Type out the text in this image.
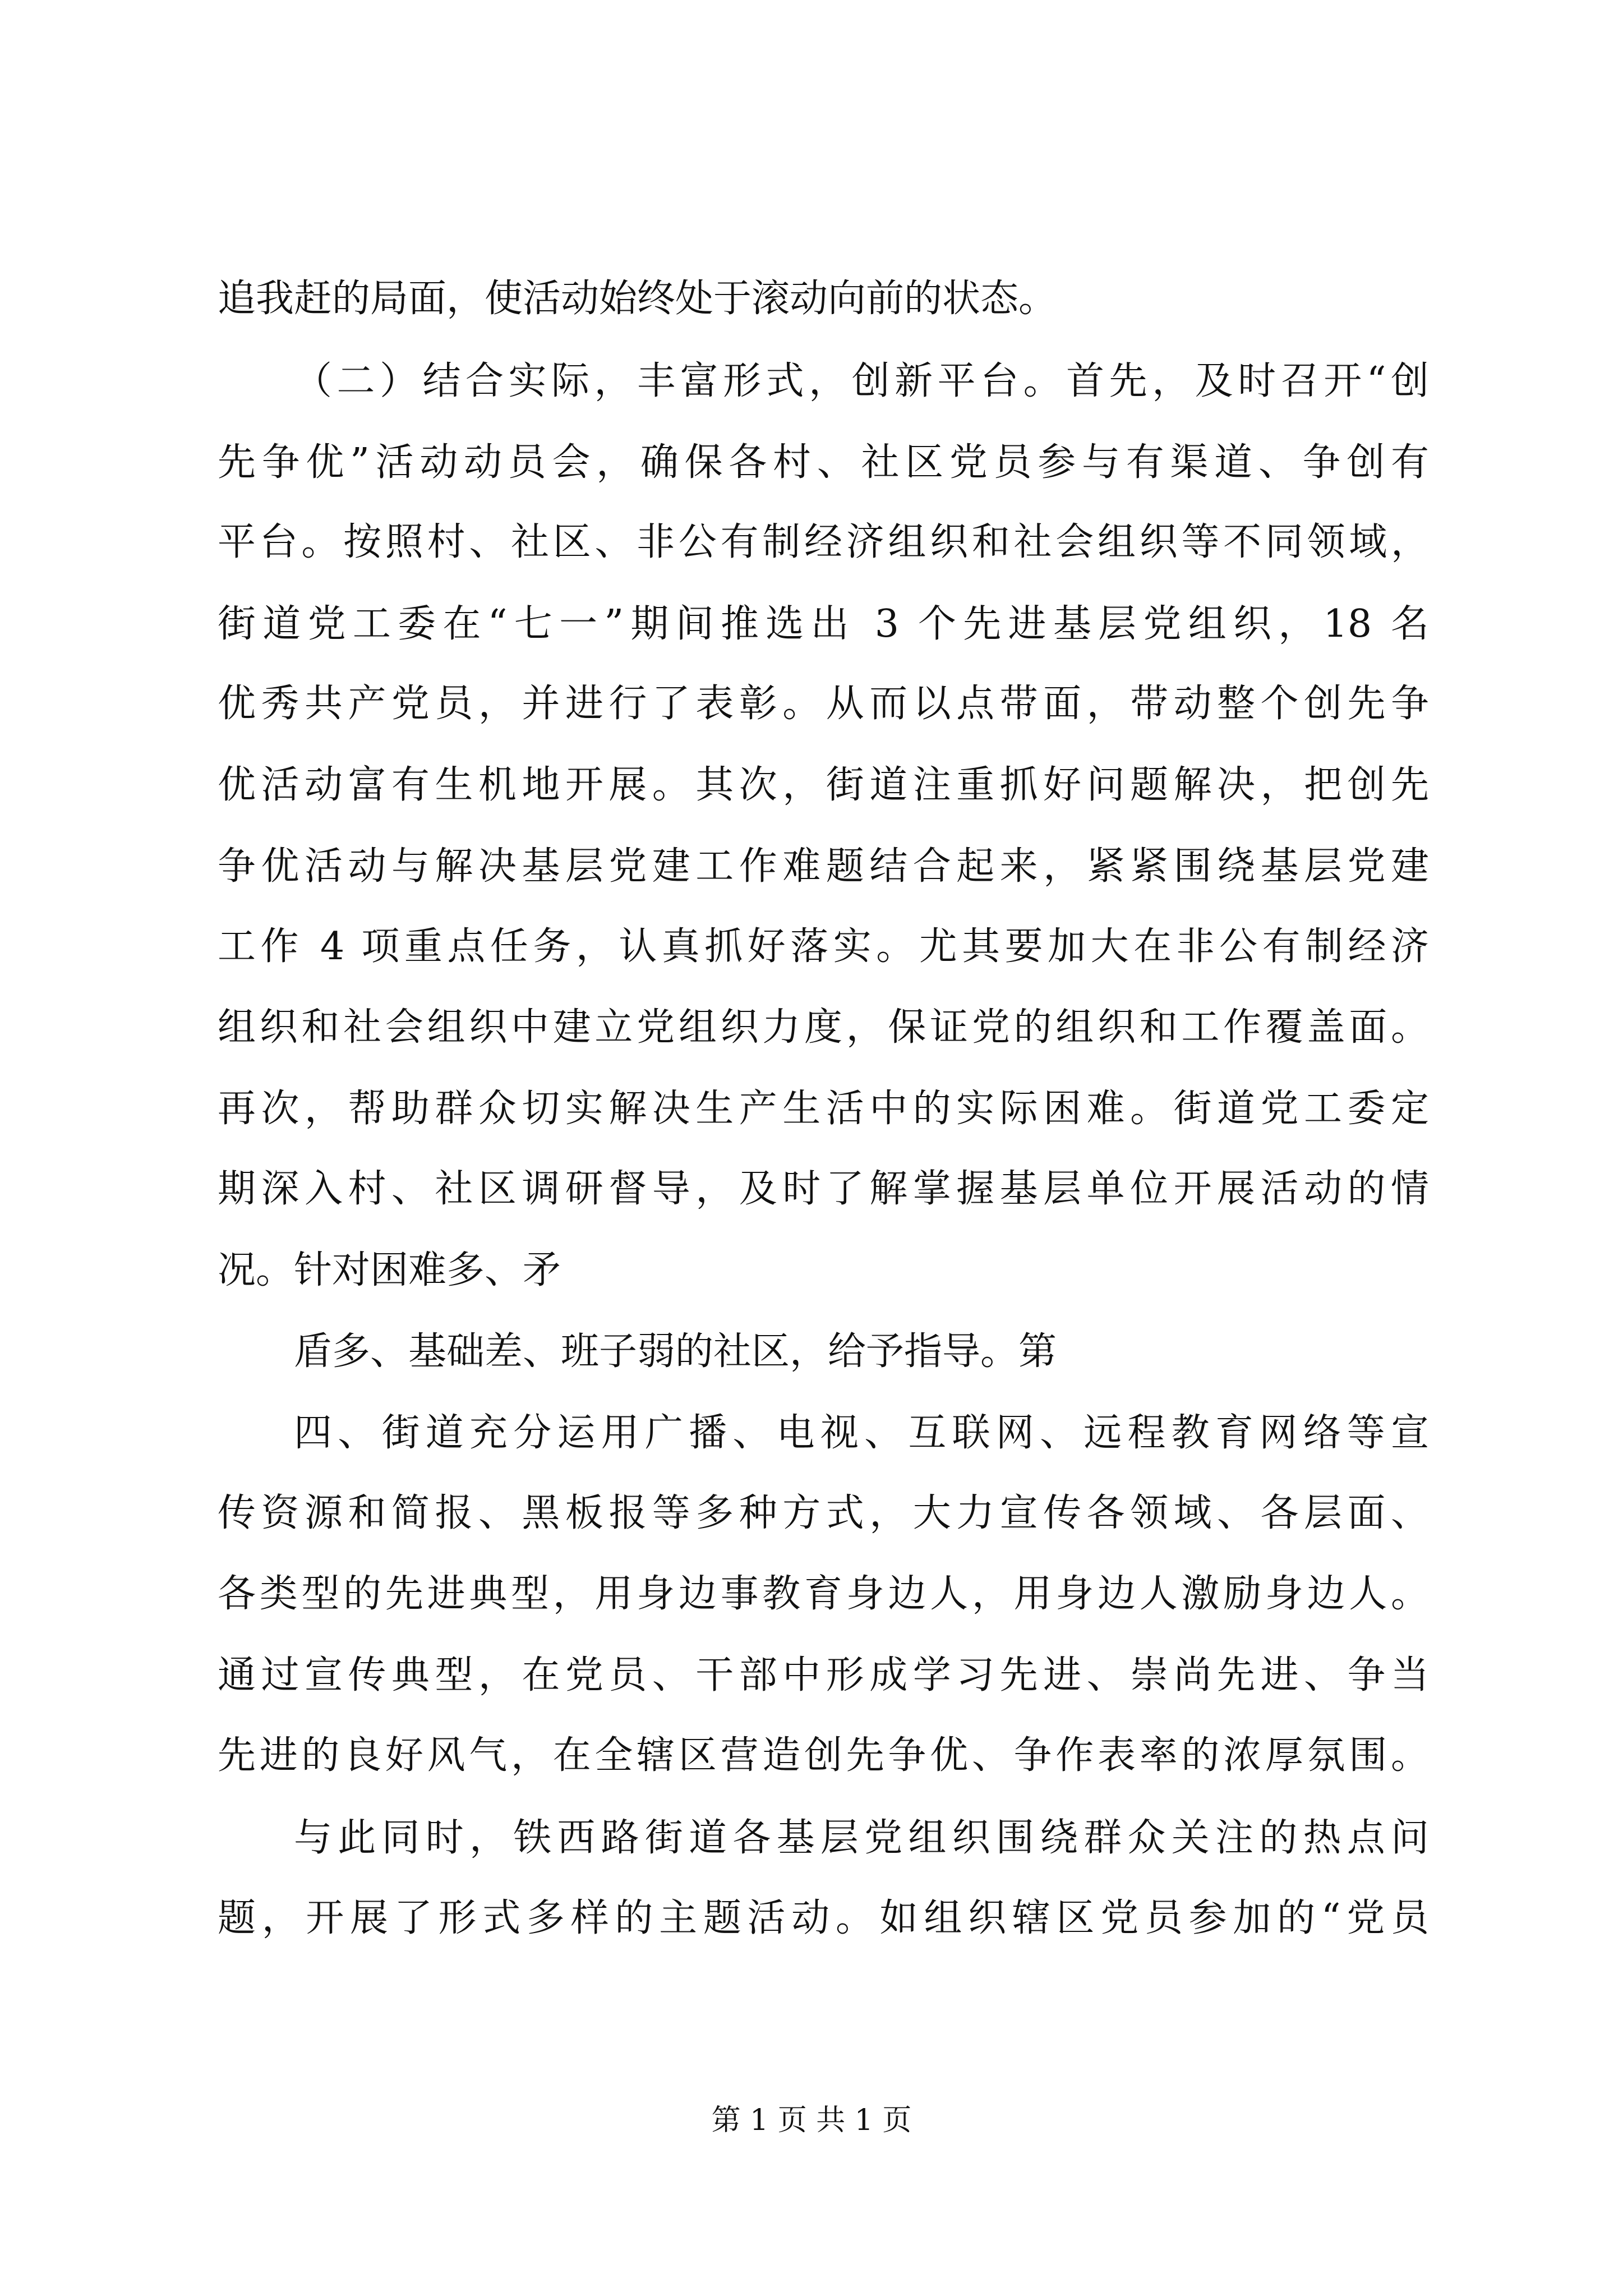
追我赶的局面，使活动始终处于滚动向前的状态。
（二）结合实际，丰富形式，创新平台。首先，及时召开“创
先争优”活动动员会，确保各村、社区党员参与有渠道、争创有
平台。按照村、社区、非公有制经济组织和社会组织等不同领域，
街道党工委在“七一”期间推选出 3 个先进基层党组织，18 名
优秀共产党员，并进行了表彰。从而以点带面，带动整个创先争
优活动富有生机地开展。其次，街道注重抓好问题解决，把创先
争优活动与解决基层党建工作难题结合起来，紧紧围绕基层党建
工作 4 项重点任务，认真抓好落实。尤其要加大在非公有制经济
组织和社会组织中建立党组织力度，保证党的组织和工作覆盖面。
再次，帮助群众切实解决生产生活中的实际困难。街道党工委定
期深入村、社区调研督导，及时了解掌握基层单位开展活动的情
况。针对困难多、矛
盾多、基础差、班子弱的社区，给予指导。第
四、街道充分运用广播、电视、互联网、远程教育网络等宣
传资源和简报、黑板报等多种方式，大力宣传各领域、各层面、
各类型的先进典型，用身边事教育身边人，用身边人激励身边人。
通过宣传典型，在党员、干部中形成学习先进、崇尚先进、争当
先进的良好风气，在全辖区营造创先争优、争作表率的浓厚氛围。
与此同时，铁西路街道各基层党组织围绕群众关注的热点问
题，开展了形式多样的主题活动。如组织辖区党员参加的“党员
第 1 页 共 1 页
